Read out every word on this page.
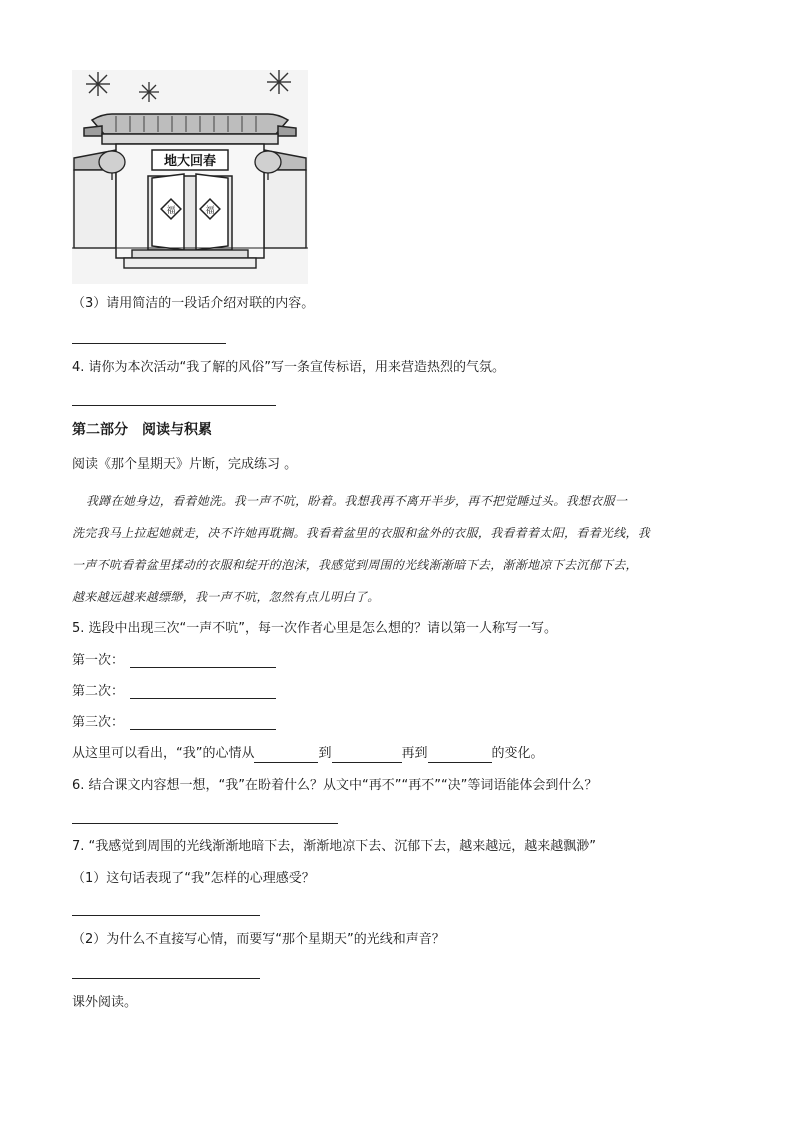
地大回春
福	福
（3）请用简洁的一段话介绍对联的内容。
4. 请你为本次活动“我了解的风俗”写一条宣传标语，用来营造热烈的气氛。
第二部分　阅读与积累
阅读《那个星期天》片断，完成练习 。
我蹲在她身边，看着她洗。我一声不吭，盼着。我想我再不离开半步，再不把觉睡过头。我想衣服一
洗完我马上拉起她就走，决不许她再耽搁。我看着盆里的衣服和盆外的衣服，我看着着太阳，看着光线，我
一声不吭看着盆里揉动的衣服和绽开的泡沫，我感觉到周围的光线渐渐暗下去，渐渐地凉下去沉郁下去，
越来越远越来越缥缈，我一声不吭，忽然有点儿明白了。
5. 选段中出现三次“一声不吭”，每一次作者心里是怎么想的？请以第一人称写一写。
第一次：
第二次：
第三次：
从这里可以看出，“我”的心情从	到	再到	的变化。
6. 结合课文内容想一想，“我”在盼着什么？从文中“再不”“再不”“决”等词语能体会到什么？
7. “我感觉到周围的光线渐渐地暗下去，渐渐地凉下去、沉郁下去，越来越远，越来越飘渺”
（1）这句话表现了“我”怎样的心理感受？
（2）为什么不直接写心情，而要写“那个星期天”的光线和声音？
课外阅读。
